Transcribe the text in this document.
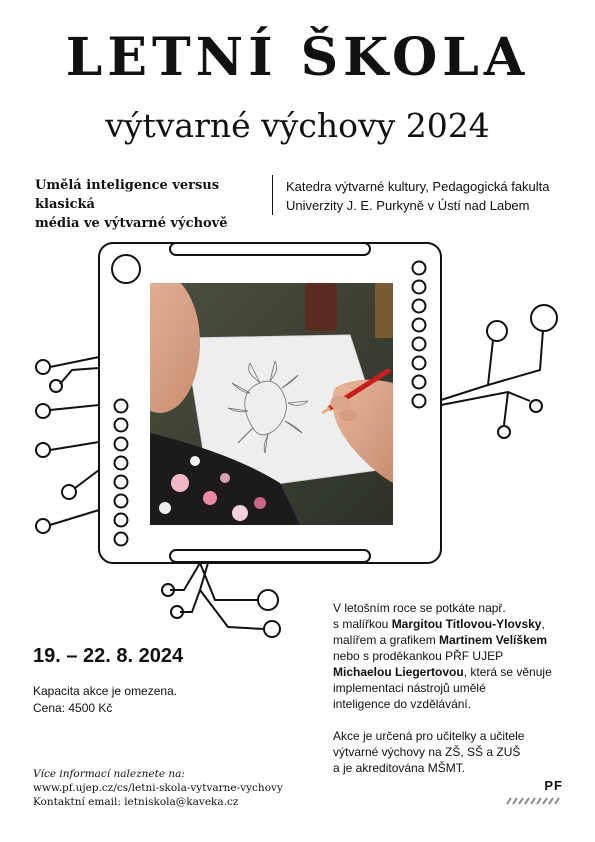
LETNÍ ŠKOLA
výtvarné výchovy 2024
Umělá inteligence versus klasická
média ve výtvarné výchově
Katedra výtvarné kultury, Pedagogická fakulta
Univerzity J. E. Purkyně v Ústí nad Labem
19. – 22. 8. 2024
Kapacita akce je omezena.
Cena: 4500 Kč
Více informací naleznete na:
www.pf.ujep.cz/cs/letni-skola-vytvarne-vychovy
Kontaktní email: letniskola@kaveka.cz

V letošním roce se potkáte např.
s malířkou Margitou Titlovou-Ylovsky,
malířem a grafikem Martinem Velíškem
nebo s proděkankou PŘF UJEP
Michaelou Liegertovou, která se věnuje
implementaci nástrojů umělé
inteligence do vzdělávání.

Akce je určená pro učitelky a učitele
výtvarné výchovy na ZŠ, SŠ a ZUŠ
a je akreditována MŠMT.

PF
